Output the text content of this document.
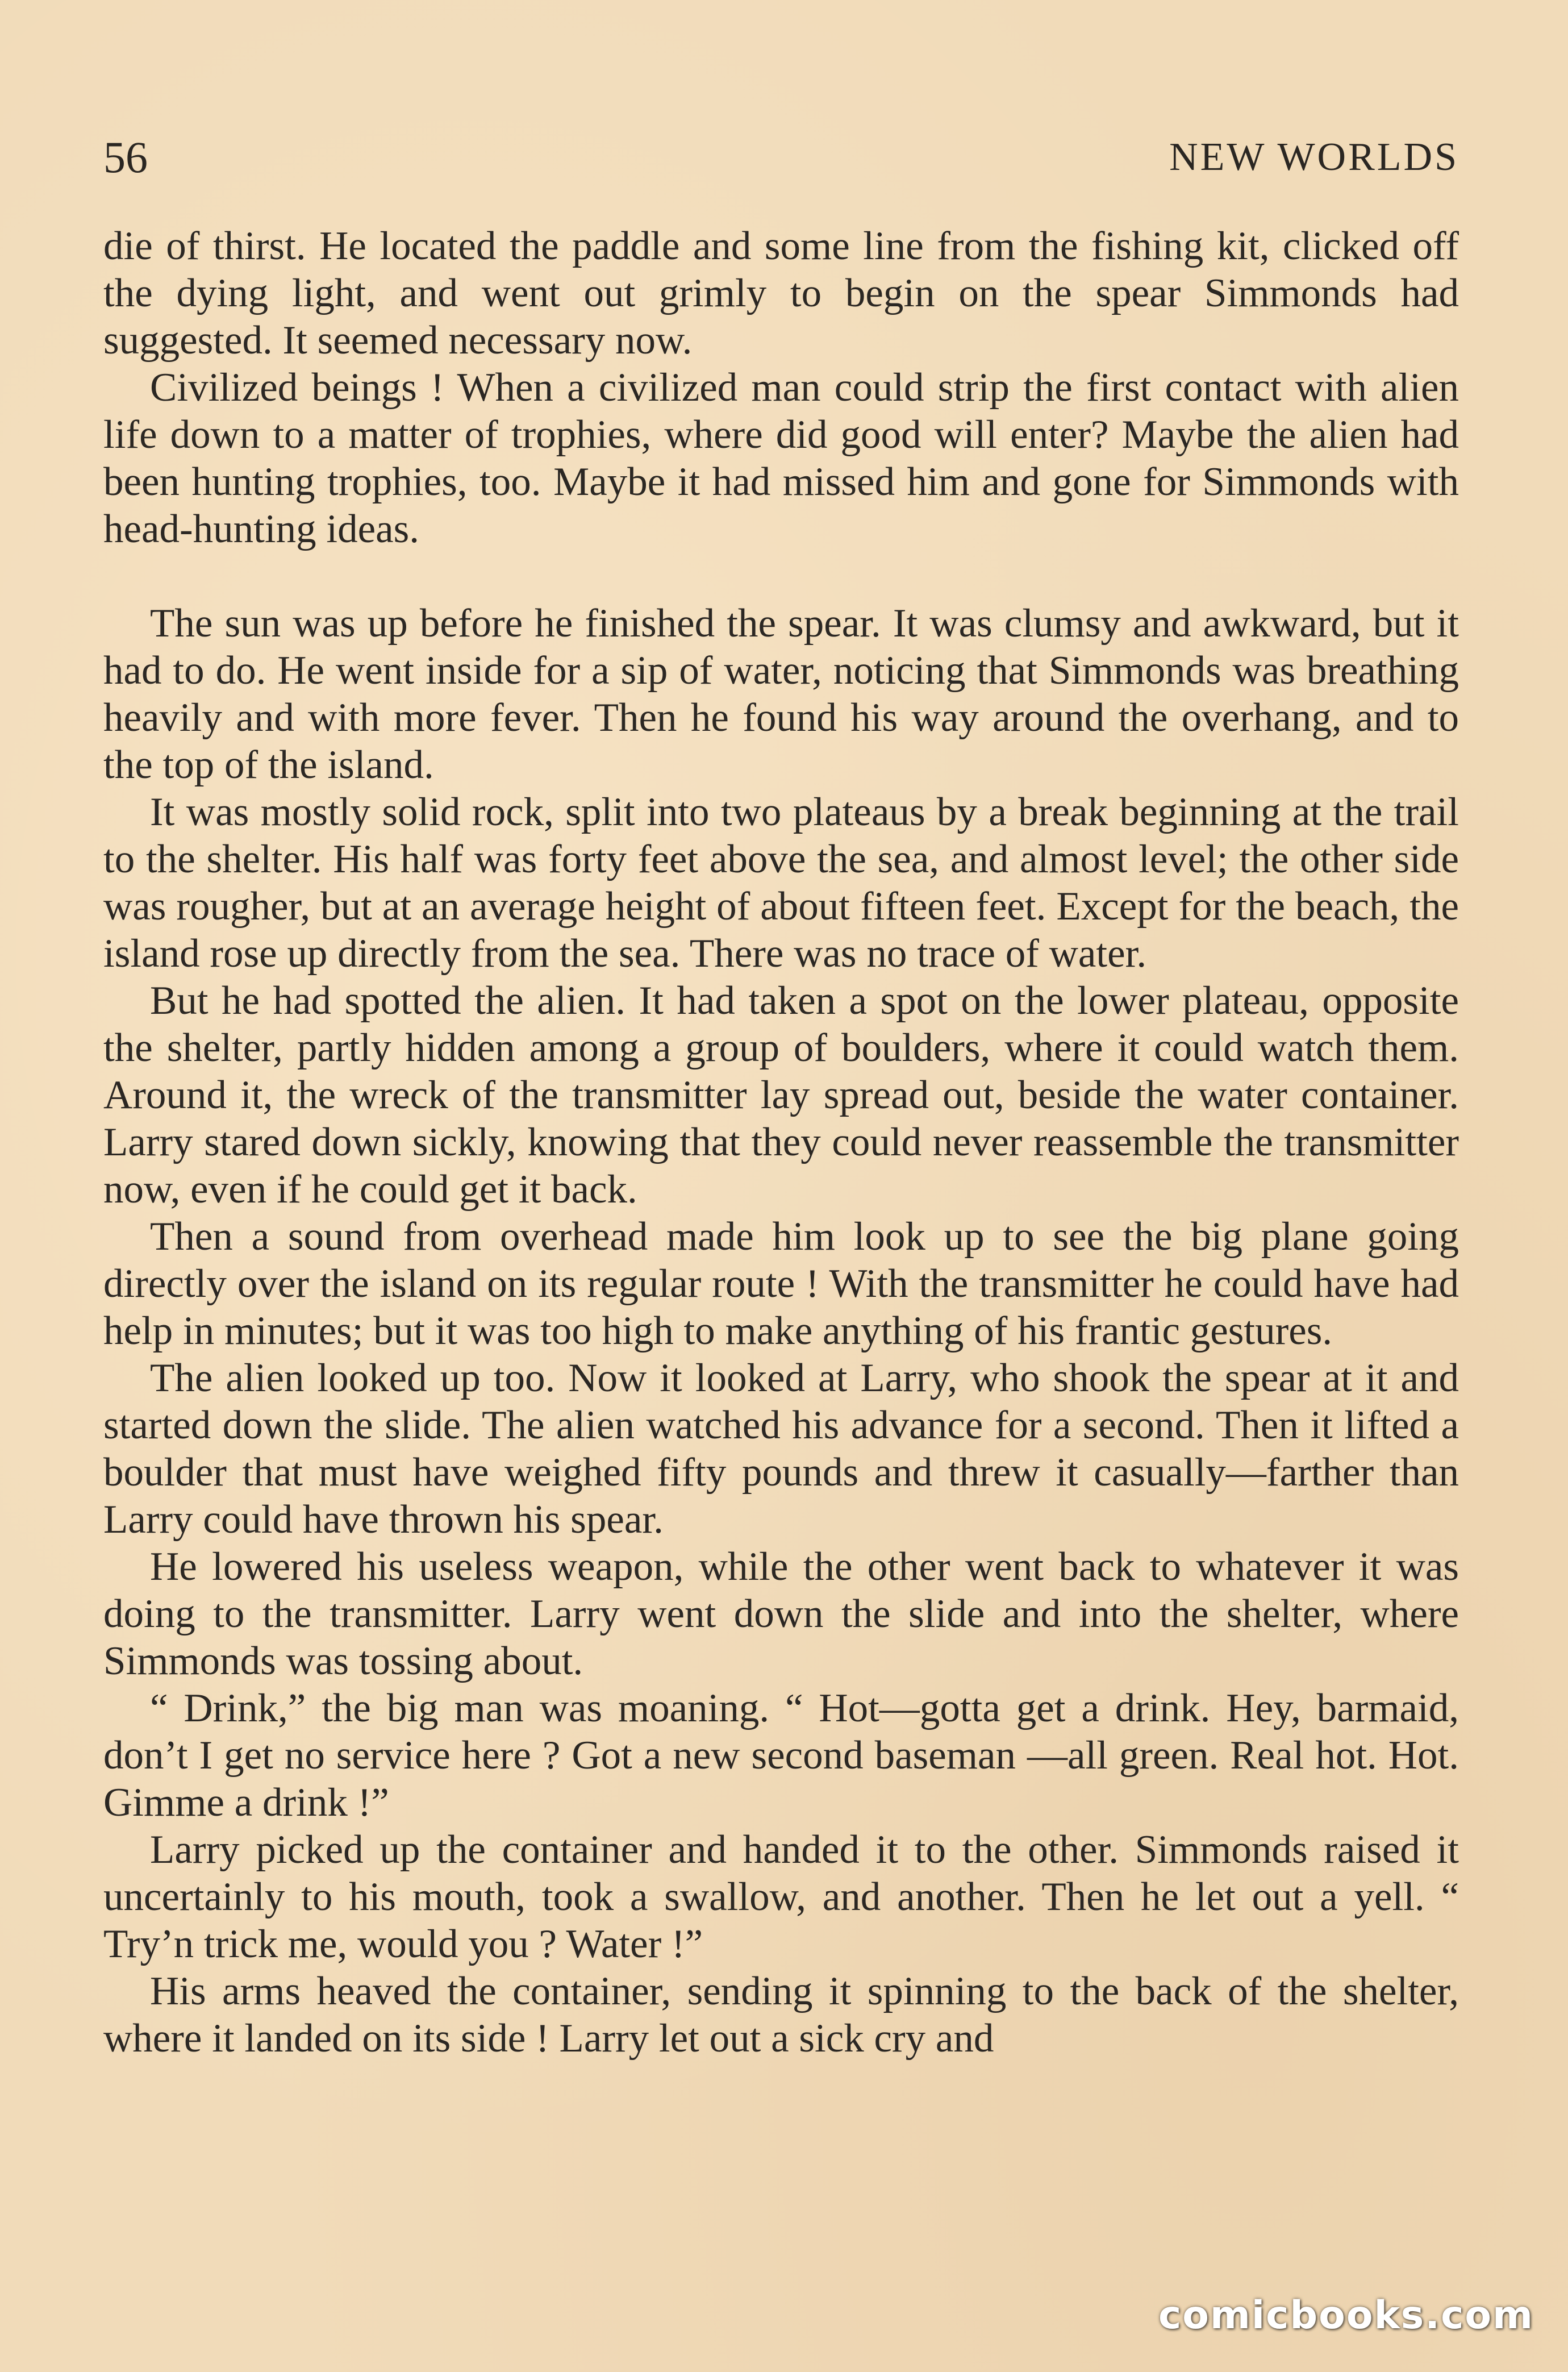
56	NEW WORLDS

die of thirst. He located the paddle and some line from the fishing kit, clicked off the dying light, and went out grimly to begin on the spear Simmonds had suggested. It seemed necessary now.

Civilized beings ! When a civilized man could strip the first contact with alien life down to a matter of trophies, where did good will enter? Maybe the alien had been hunting trophies, too. Maybe it had missed him and gone for Simmonds with head-hunting ideas.

The sun was up before he finished the spear. It was clumsy and awkward, but it had to do. He went inside for a sip of water, noticing that Simmonds was breathing heavily and with more fever. Then he found his way around the overhang, and to the top of the island.

It was mostly solid rock, split into two plateaus by a break beginning at the trail to the shelter. His half was forty feet above the sea, and almost level; the other side was rougher, but at an average height of about fifteen feet. Except for the beach, the island rose up directly from the sea. There was no trace of water.

But he had spotted the alien. It had taken a spot on the lower plateau, opposite the shelter, partly hidden among a group of boulders, where it could watch them. Around it, the wreck of the transmitter lay spread out, beside the water container. Larry stared down sickly, knowing that they could never reassemble the transmitter now, even if he could get it back.

Then a sound from overhead made him look up to see the big plane going directly over the island on its regular route ! With the transmitter he could have had help in minutes; but it was too high to make anything of his frantic gestures.

The alien looked up too. Now it looked at Larry, who shook the spear at it and started down the slide. The alien watched his advance for a second. Then it lifted a boulder that must have weighed fifty pounds and threw it casually—farther than Larry could have thrown his spear.

He lowered his useless weapon, while the other went back to whatever it was doing to the transmitter. Larry went down the slide and into the shelter, where Simmonds was tossing about.

“ Drink,” the big man was moaning. “ Hot—gotta get a drink. Hey, barmaid, don’t I get no service here ? Got a new second baseman —all green. Real hot. Hot. Gimme a drink !”

Larry picked up the container and handed it to the other. Simmonds raised it uncertainly to his mouth, took a swallow, and another. Then he let out a yell. “ Try’n trick me, would you ? Water !”

His arms heaved the container, sending it spinning to the back of the shelter, where it landed on its side ! Larry let out a sick cry and

comicbooks.com
